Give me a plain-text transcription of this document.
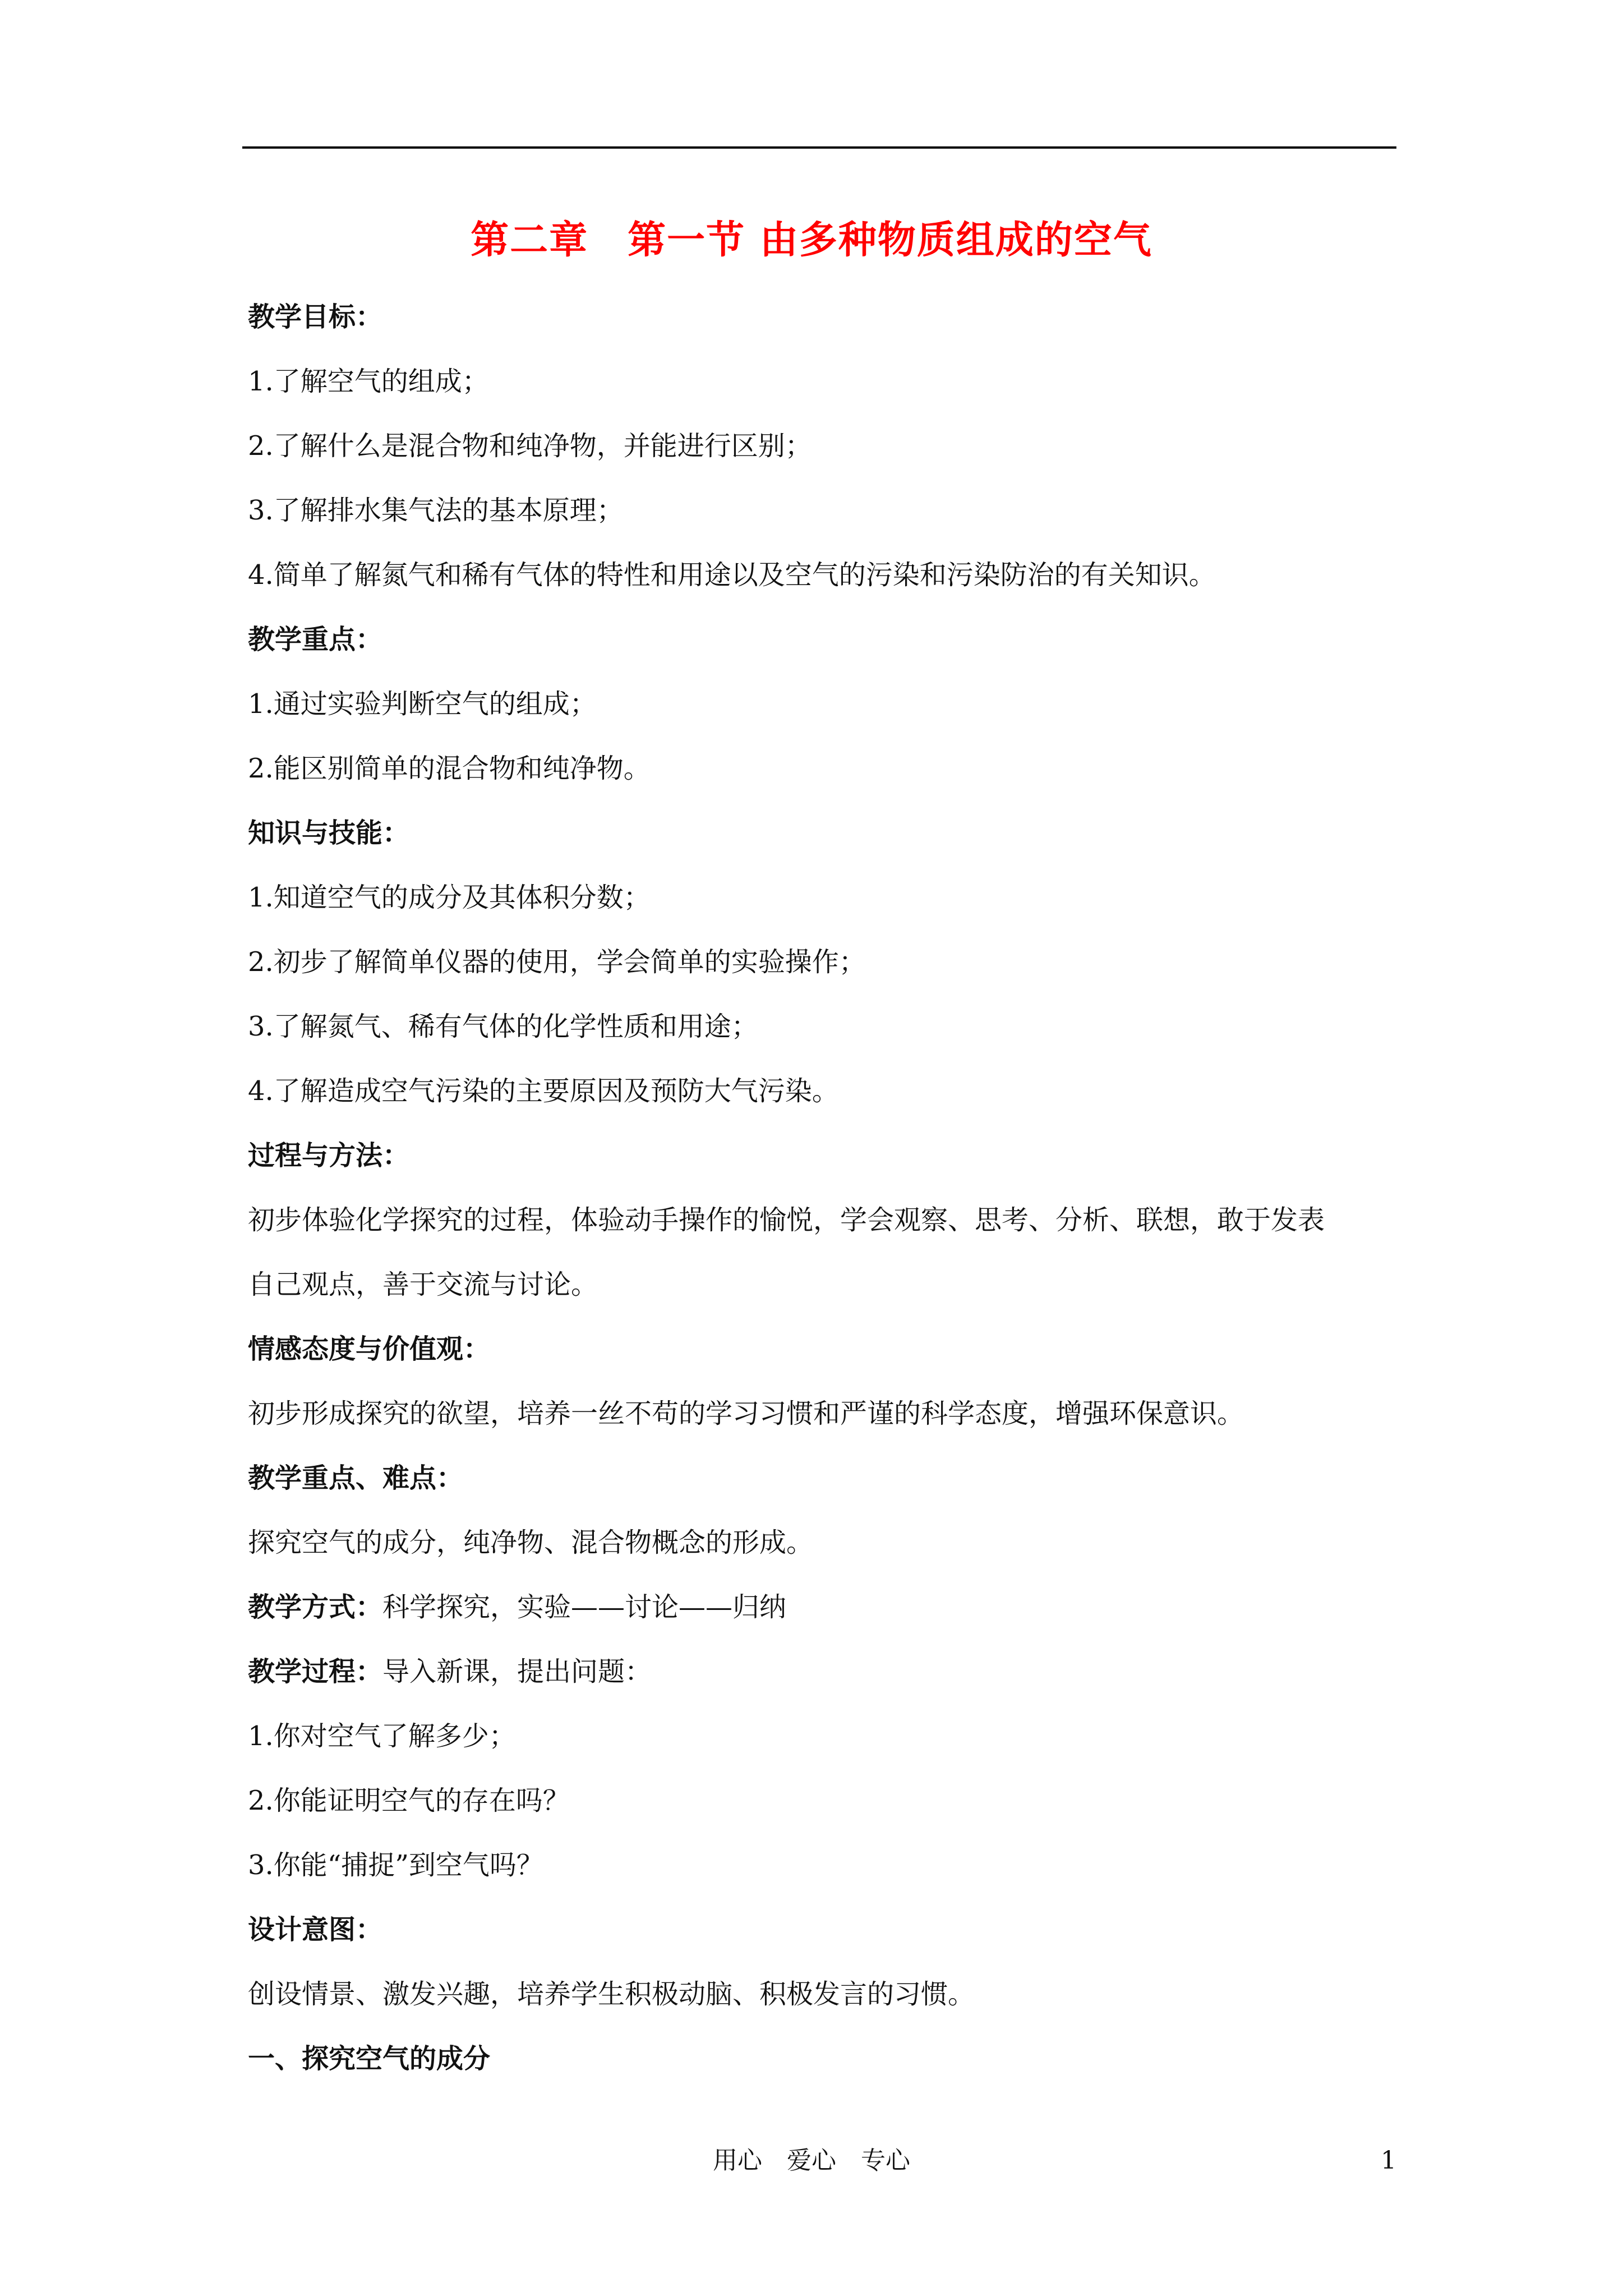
第二章　第一节 由多种物质组成的空气
教学目标：
1.了解空气的组成；
2.了解什么是混合物和纯净物，并能进行区别；
3.了解排水集气法的基本原理；
4.简单了解氮气和稀有气体的特性和用途以及空气的污染和污染防治的有关知识。
教学重点：
1.通过实验判断空气的组成；
2.能区别简单的混合物和纯净物。
知识与技能：
1.知道空气的成分及其体积分数；
2.初步了解简单仪器的使用，学会简单的实验操作；
3.了解氮气、稀有气体的化学性质和用途；
4.了解造成空气污染的主要原因及预防大气污染。
过程与方法：
初步体验化学探究的过程，体验动手操作的愉悦，学会观察、思考、分析、联想，敢于发表
自己观点，善于交流与讨论。
情感态度与价值观：
初步形成探究的欲望，培养一丝不苟的学习习惯和严谨的科学态度，增强环保意识。
教学重点、难点：
探究空气的成分，纯净物、混合物概念的形成。
教学方式：科学探究，实验——讨论——归纳
教学过程：导入新课，提出问题：
1.你对空气了解多少；
2.你能证明空气的存在吗？
3.你能“捕捉”到空气吗？
设计意图：
创设情景、激发兴趣，培养学生积极动脑、积极发言的习惯。
一、探究空气的成分
用心　爱心　专心	1
